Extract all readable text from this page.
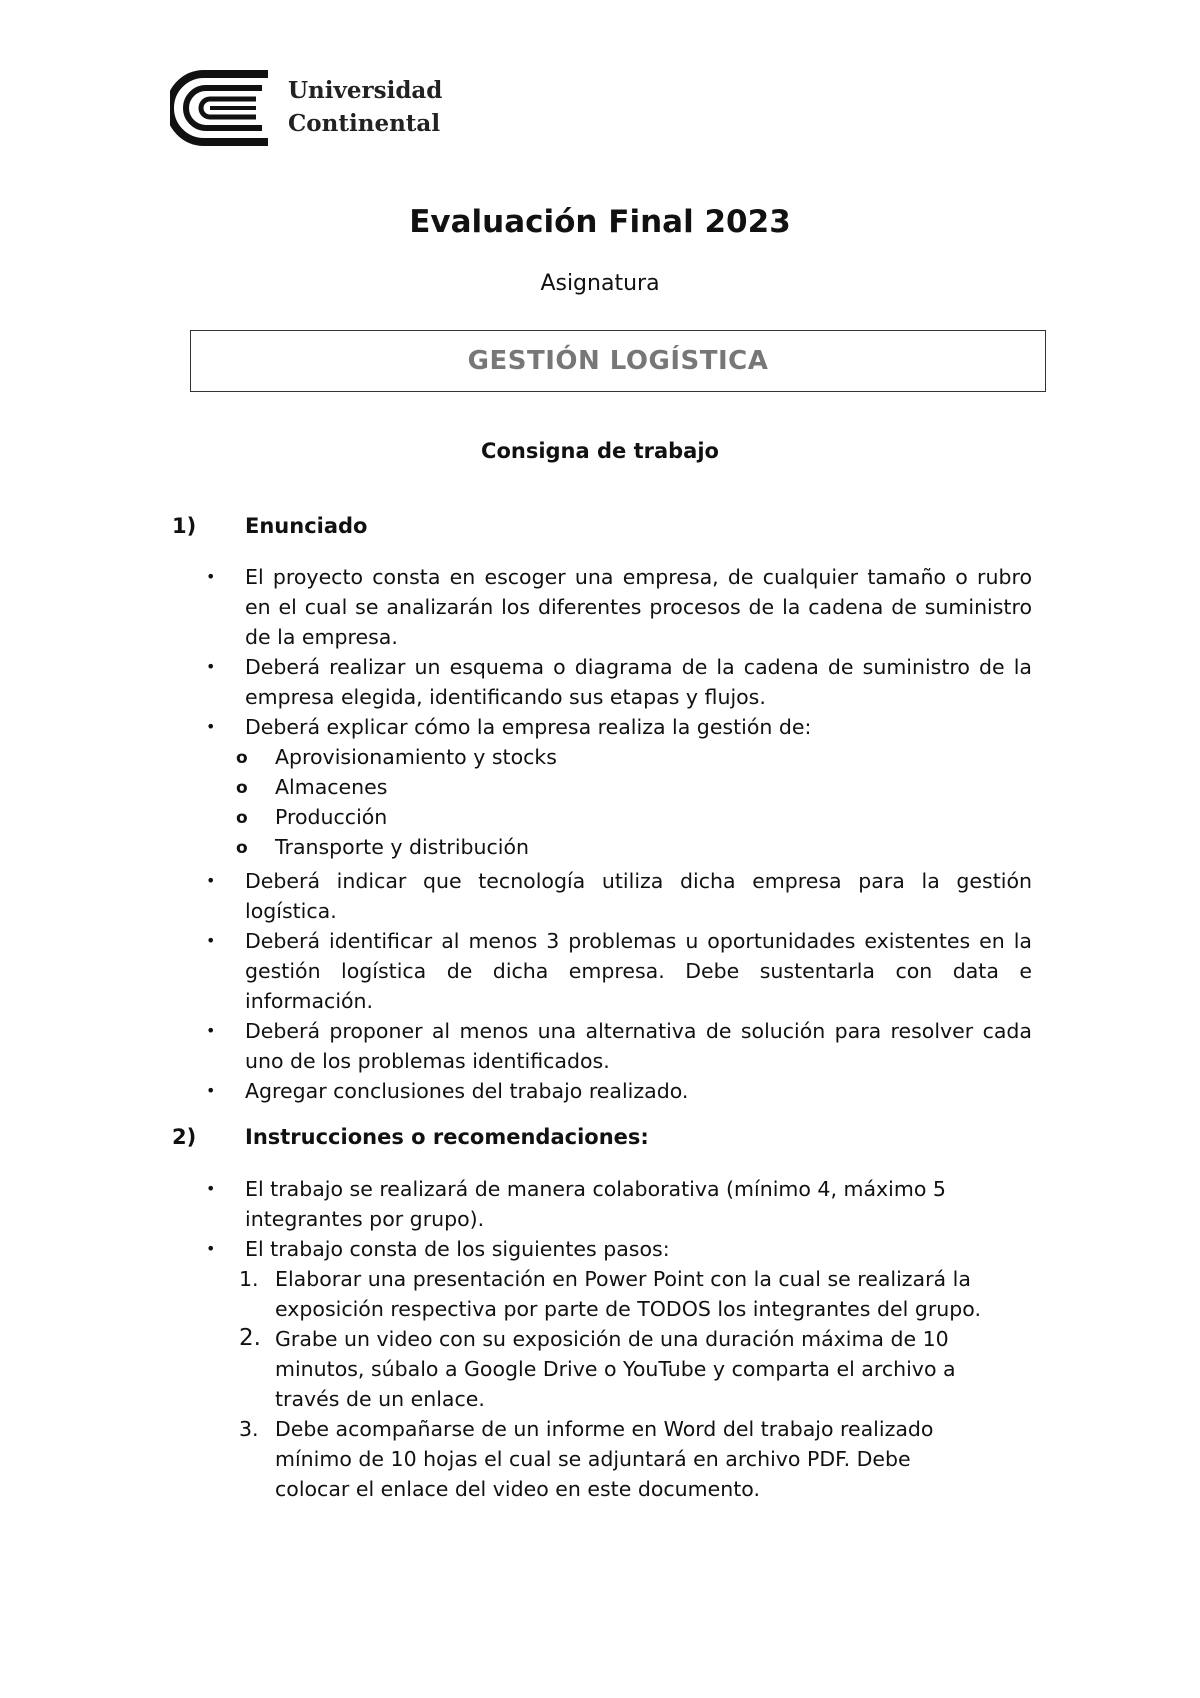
Universidad
Continental
Evaluación Final 2023
Asignatura
GESTIÓN LOGÍSTICA
Consigna de trabajo
1) Enunciado
• El proyecto consta en escoger una empresa, de cualquier tamaño o rubro en el cual se analizarán los diferentes procesos de la cadena de suministro de la empresa.
• Deberá realizar un esquema o diagrama de la cadena de suministro de la empresa elegida, identificando sus etapas y flujos.
• Deberá explicar cómo la empresa realiza la gestión de:
o Aprovisionamiento y stocks
o Almacenes
o Producción
o Transporte y distribución
• Deberá indicar que tecnología utiliza dicha empresa para la gestión logística.
• Deberá identificar al menos 3 problemas u oportunidades existentes en la gestión logística de dicha empresa. Debe sustentarla con data e información.
• Deberá proponer al menos una alternativa de solución para resolver cada uno de los problemas identificados.
• Agregar conclusiones del trabajo realizado.
2) Instrucciones o recomendaciones:
• El trabajo se realizará de manera colaborativa (mínimo 4, máximo 5 integrantes por grupo).
• El trabajo consta de los siguientes pasos:
1. Elaborar una presentación en Power Point con la cual se realizará la exposición respectiva por parte de TODOS los integrantes del grupo.
2. Grabe un video con su exposición de una duración máxima de 10 minutos, súbalo a Google Drive o YouTube y comparta el archivo a través de un enlace.
3. Debe acompañarse de un informe en Word del trabajo realizado mínimo de 10 hojas el cual se adjuntará en archivo PDF. Debe colocar el enlace del video en este documento.
